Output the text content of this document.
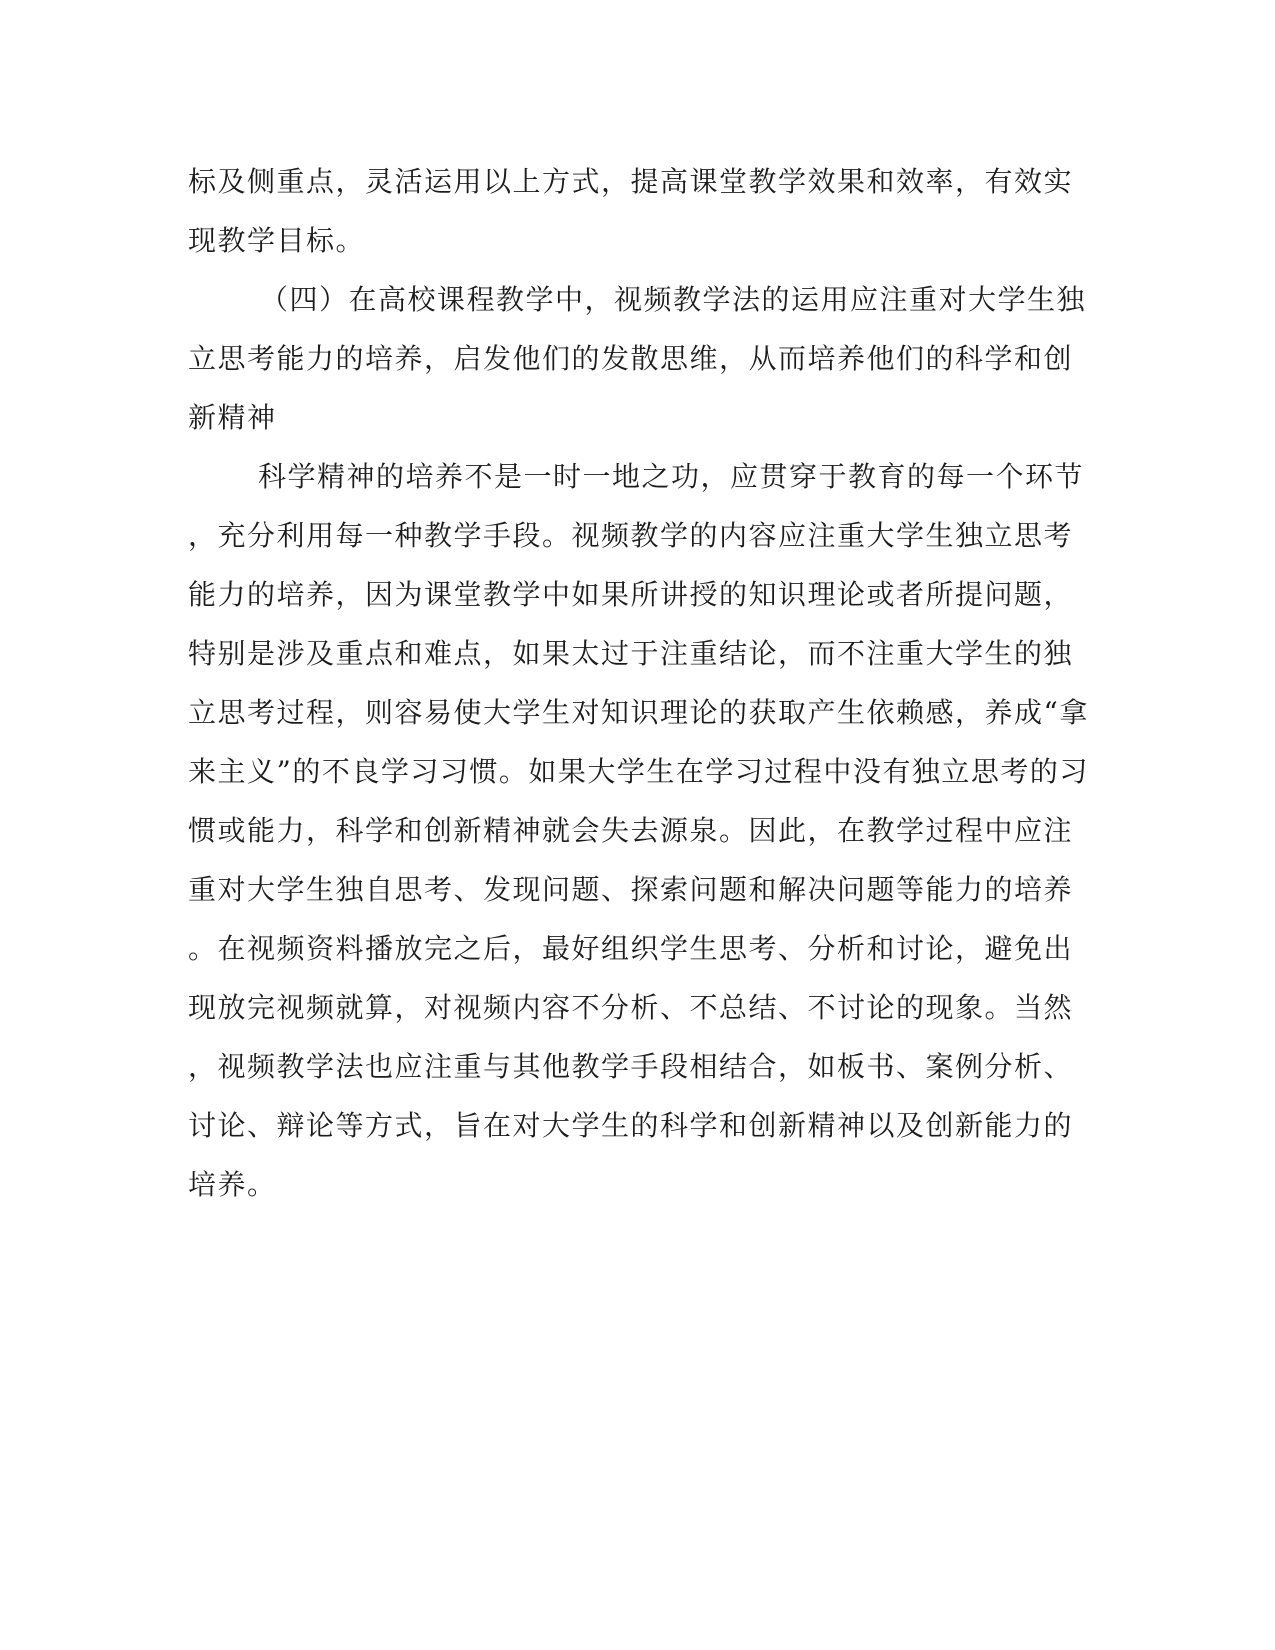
标及侧重点，灵活运用以上方式，提高课堂教学效果和效率，有效实
现教学目标。
（四）在高校课程教学中，视频教学法的运用应注重对大学生独
立思考能力的培养，启发他们的发散思维，从而培养他们的科学和创
新精神
科学精神的培养不是一时一地之功，应贯穿于教育的每一个环节
，充分利用每一种教学手段。视频教学的内容应注重大学生独立思考
能力的培养，因为课堂教学中如果所讲授的知识理论或者所提问题，
特别是涉及重点和难点，如果太过于注重结论，而不注重大学生的独
立思考过程，则容易使大学生对知识理论的获取产生依赖感，养成“拿
来主义”的不良学习习惯。如果大学生在学习过程中没有独立思考的习
惯或能力，科学和创新精神就会失去源泉。因此，在教学过程中应注
重对大学生独自思考、发现问题、探索问题和解决问题等能力的培养
。在视频资料播放完之后，最好组织学生思考、分析和讨论，避免出
现放完视频就算，对视频内容不分析、不总结、不讨论的现象。当然
，视频教学法也应注重与其他教学手段相结合，如板书、案例分析、
讨论、辩论等方式，旨在对大学生的科学和创新精神以及创新能力的
培养。
